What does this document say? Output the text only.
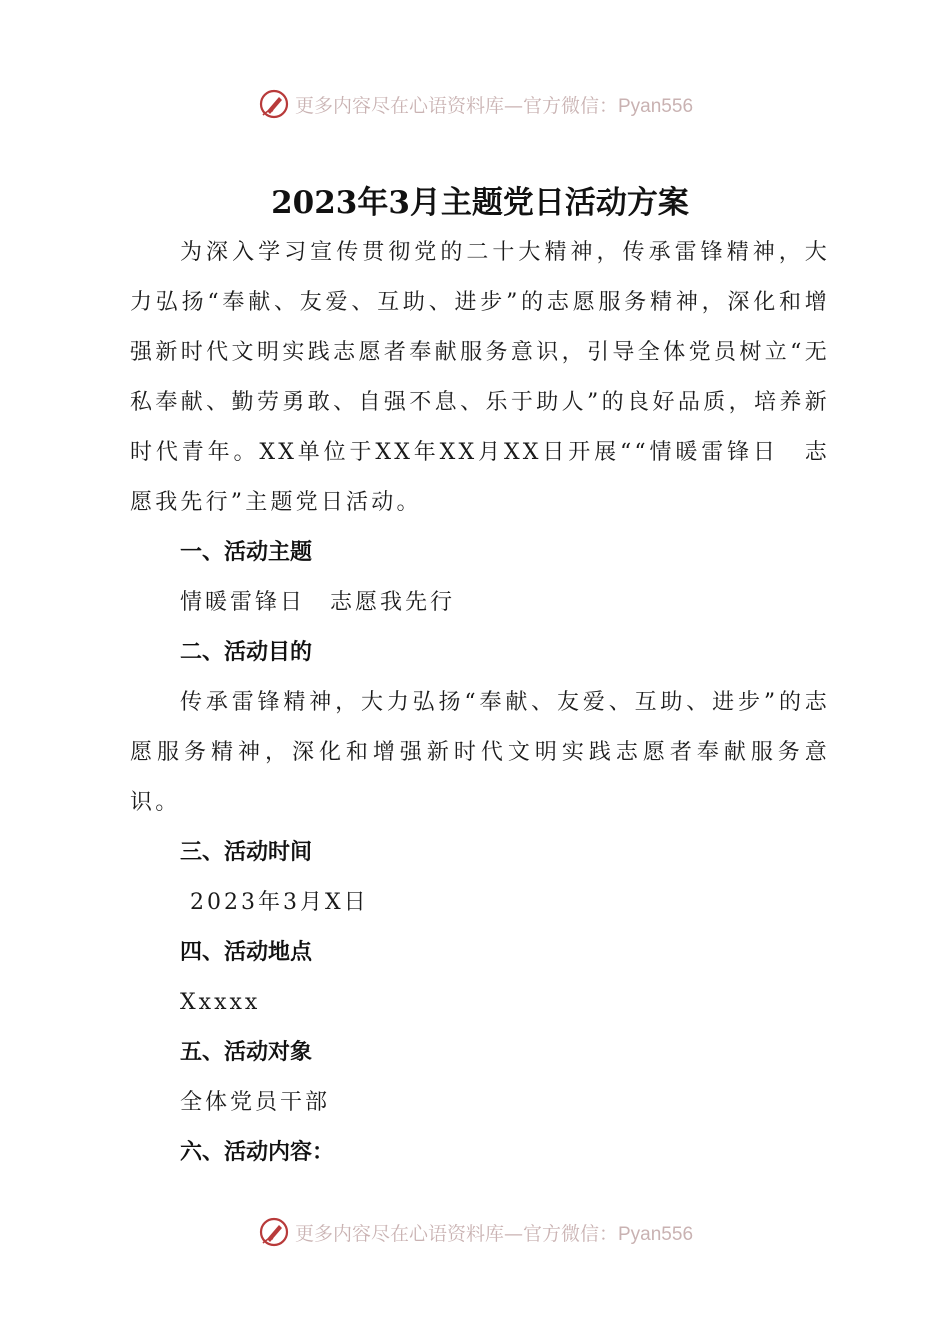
更多内容尽在心语资料库—官方微信：Pyan556
2023年3月主题党日活动方案

为深入学习宣传贯彻党的二十大精神，传承雷锋精神，大力弘扬“奉献、友爱、互助、进步”的志愿服务精神，深化和增强新时代文明实践志愿者奉献服务意识，引导全体党员树立“无私奉献、勤劳勇敢、自强不息、乐于助人”的良好品质，培养新时代青年。XX单位于XX年XX月XX日开展““情暖雷锋日　志愿我先行”主题党日活动。

一、活动主题

情暖雷锋日　志愿我先行

二、活动目的

传承雷锋精神，大力弘扬“奉献、友爱、互助、进步”的志愿服务精神，深化和增强新时代文明实践志愿者奉献服务意识。

三、活动时间

2023年3月X日

四、活动地点

Xxxxx

五、活动对象

全体党员干部

六、活动内容：

更多内容尽在心语资料库—官方微信：Pyan556
